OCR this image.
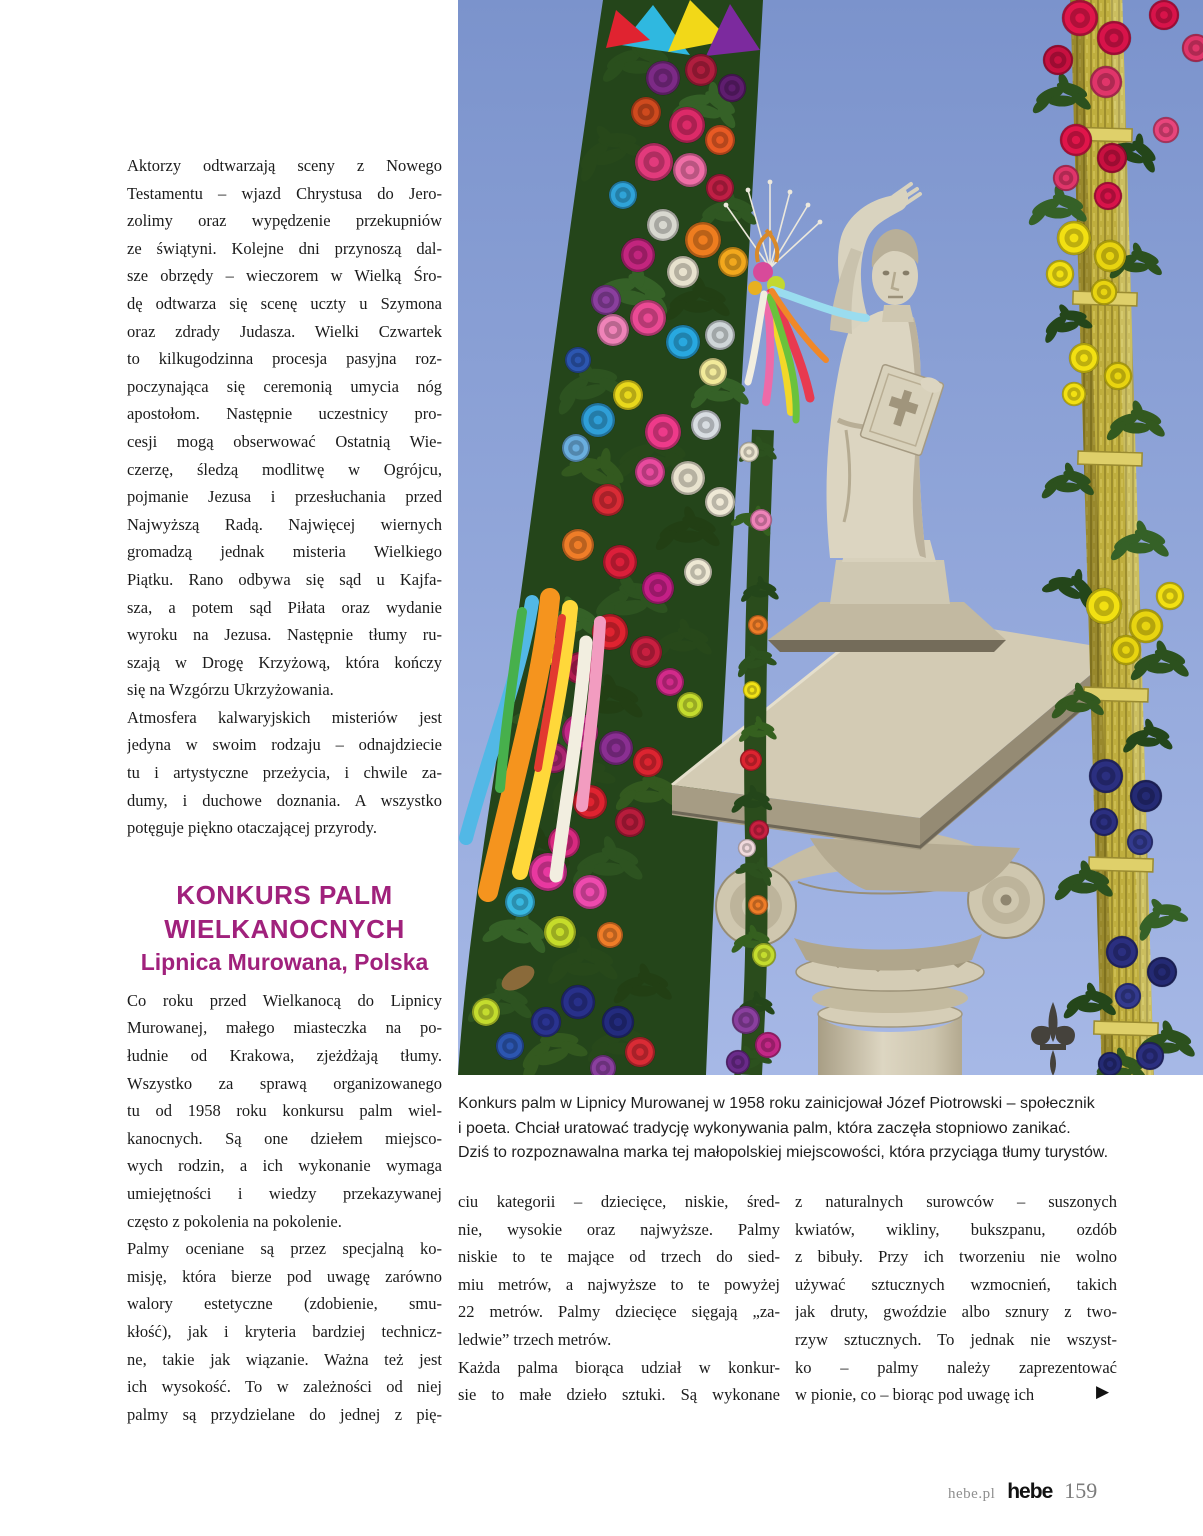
Aktorzy odtwarzają sceny z Nowego
Testamentu – wjazd Chrystusa do Jero-
zolimy oraz wypędzenie przekupniów
ze świątyni. Kolejne dni przynoszą dal-
sze obrzędy – wieczorem w Wielką Śro-
dę odtwarza się scenę uczty u Szymona
oraz zdrady Judasza. Wielki Czwartek
to kilkugodzinna procesja pasyjna roz-
poczynająca się ceremonią umycia nóg
apostołom. Następnie uczestnicy pro-
cesji mogą obserwować Ostatnią Wie-
czerzę, śledzą modlitwę w Ogrójcu,
pojmanie Jezusa i przesłuchania przed
Najwyższą Radą. Najwięcej wiernych
gromadzą jednak misteria Wielkiego
Piątku. Rano odbywa się sąd u Kajfa-
sza, a potem sąd Piłata oraz wydanie
wyroku na Jezusa. Następnie tłumy ru-
szają w Drogę Krzyżową, która kończy
się na Wzgórzu Ukrzyżowania.
Atmosfera kalwaryjskich misteriów jest
jedyna w swoim rodzaju – odnajdziecie
tu i artystyczne przeżycia, i chwile za-
dumy, i duchowe doznania. A wszystko
potęguje piękno otaczającej przyrody.
KONKURS PALM
WIELKANOCNYCH
Lipnica Murowana, Polska
Co roku przed Wielkanocą do Lipnicy
Murowanej, małego miasteczka na po-
łudnie od Krakowa, zjeżdżają tłumy.
Wszystko za sprawą organizowanego
tu od 1958 roku konkursu palm wiel-
kanocnych. Są one dziełem miejsco-
wych rodzin, a ich wykonanie wymaga
umiejętności i wiedzy przekazywanej
często z pokolenia na pokolenie.
Palmy oceniane są przez specjalną ko-
misję, która bierze pod uwagę zarówno
walory estetyczne (zdobienie, smu-
kłość), jak i kryteria bardziej technicz-
ne, takie jak wiązanie. Ważna też jest
ich wysokość. To w zależności od niej
palmy są przydzielane do jednej z pię-
Konkurs palm w Lipnicy Murowanej w 1958 roku zainicjował Józef Piotrowski – społecznik
i poeta. Chciał uratować tradycję wykonywania palm, która zaczęła stopniowo zanikać.
Dziś to rozpoznawalna marka tej małopolskiej miejscowości, która przyciąga tłumy turystów.
ciu kategorii – dziecięce, niskie, śred-
nie, wysokie oraz najwyższe. Palmy
niskie to te mające od trzech do sied-
miu metrów, a najwyższe to te powyżej
22 metrów. Palmy dziecięce sięgają „za-
ledwie” trzech metrów.
Każda palma biorąca udział w konkur-
sie to małe dzieło sztuki. Są wykonane
z naturalnych surowców – suszonych
kwiatów, wikliny, bukszpanu, ozdób
z bibuły. Przy ich tworzeniu nie wolno
używać sztucznych wzmocnień, takich
jak druty, gwoździe albo sznury z two-
rzyw sztucznych. To jednak nie wszyst-
ko – palmy należy zaprezentować
w pionie, co – biorąc pod uwagę ich	▶
hebe.pl hebe 159
